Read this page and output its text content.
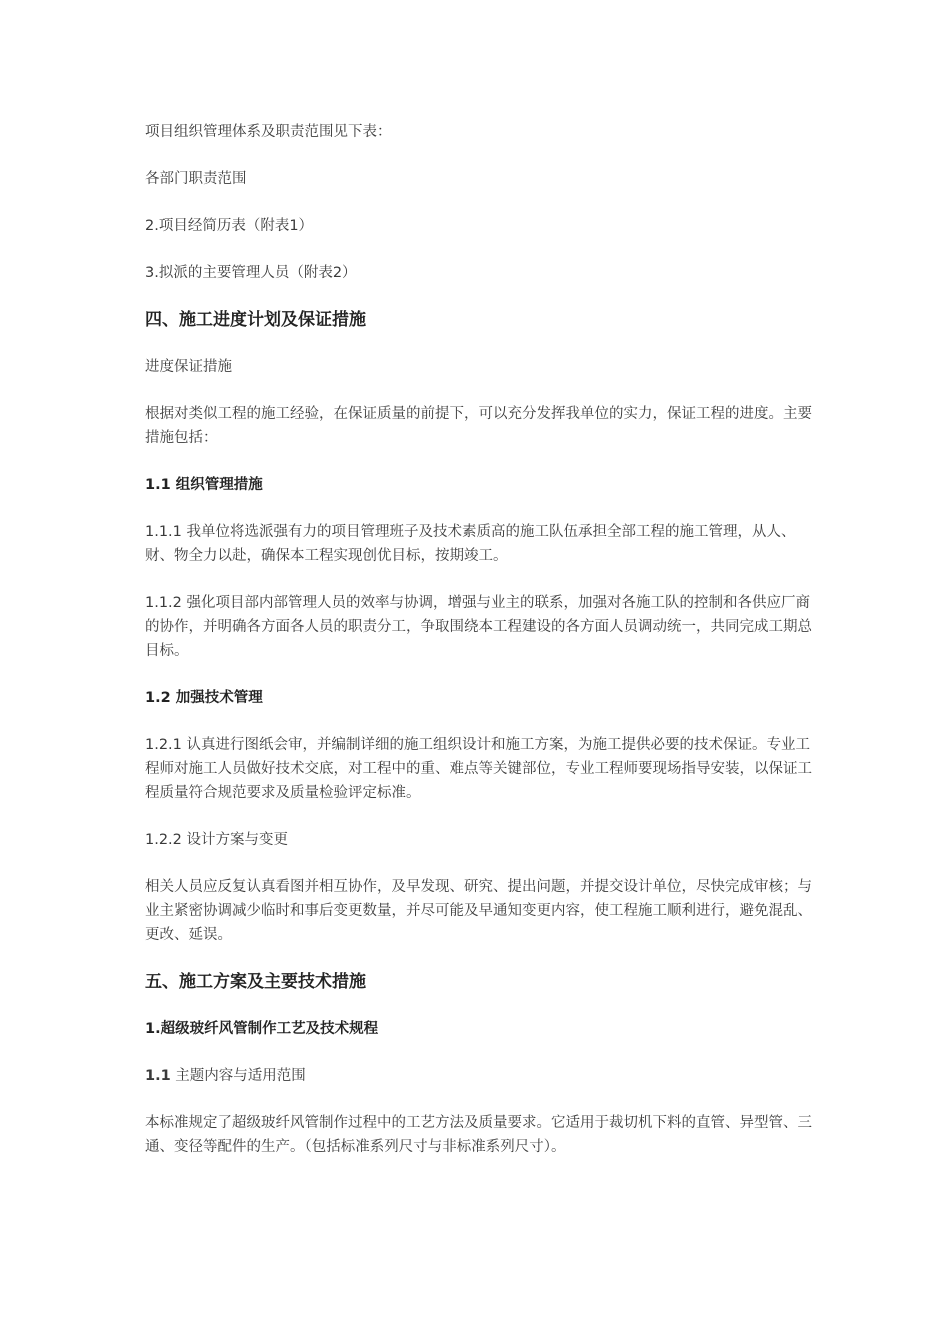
项目组织管理体系及职责范围见下表：

各部门职责范围

2.项目经简历表（附表1）

3.拟派的主要管理人员（附表2）

四、施工进度计划及保证措施

进度保证措施

根据对类似工程的施工经验，在保证质量的前提下，可以充分发挥我单位的实力，保证工程的进度。主要措施包括：

1.1 组织管理措施

1.1.1 我单位将选派强有力的项目管理班子及技术素质高的施工队伍承担全部工程的施工管理，从人、财、物全力以赴，确保本工程实现创优目标，按期竣工。

1.1.2 强化项目部内部管理人员的效率与协调，增强与业主的联系，加强对各施工队的控制和各供应厂商的协作，并明确各方面各人员的职责分工，争取围绕本工程建设的各方面人员调动统一，共同完成工期总目标。

1.2 加强技术管理

1.2.1 认真进行图纸会审，并编制详细的施工组织设计和施工方案，为施工提供必要的技术保证。专业工程师对施工人员做好技术交底，对工程中的重、难点等关键部位，专业工程师要现场指导安装，以保证工程质量符合规范要求及质量检验评定标准。

1.2.2 设计方案与变更

相关人员应反复认真看图并相互协作，及早发现、研究、提出问题，并提交设计单位，尽快完成审核；与业主紧密协调减少临时和事后变更数量，并尽可能及早通知变更内容，使工程施工顺利进行，避免混乱、更改、延误。

五、施工方案及主要技术措施
1.超级玻纤风管制作工艺及技术规程

1.1 主题内容与适用范围

本标准规定了超级玻纤风管制作过程中的工艺方法及质量要求。它适用于裁切机下料的直管、异型管、三通、变径等配件的生产。（包括标准系列尺寸与非标准系列尺寸）。
